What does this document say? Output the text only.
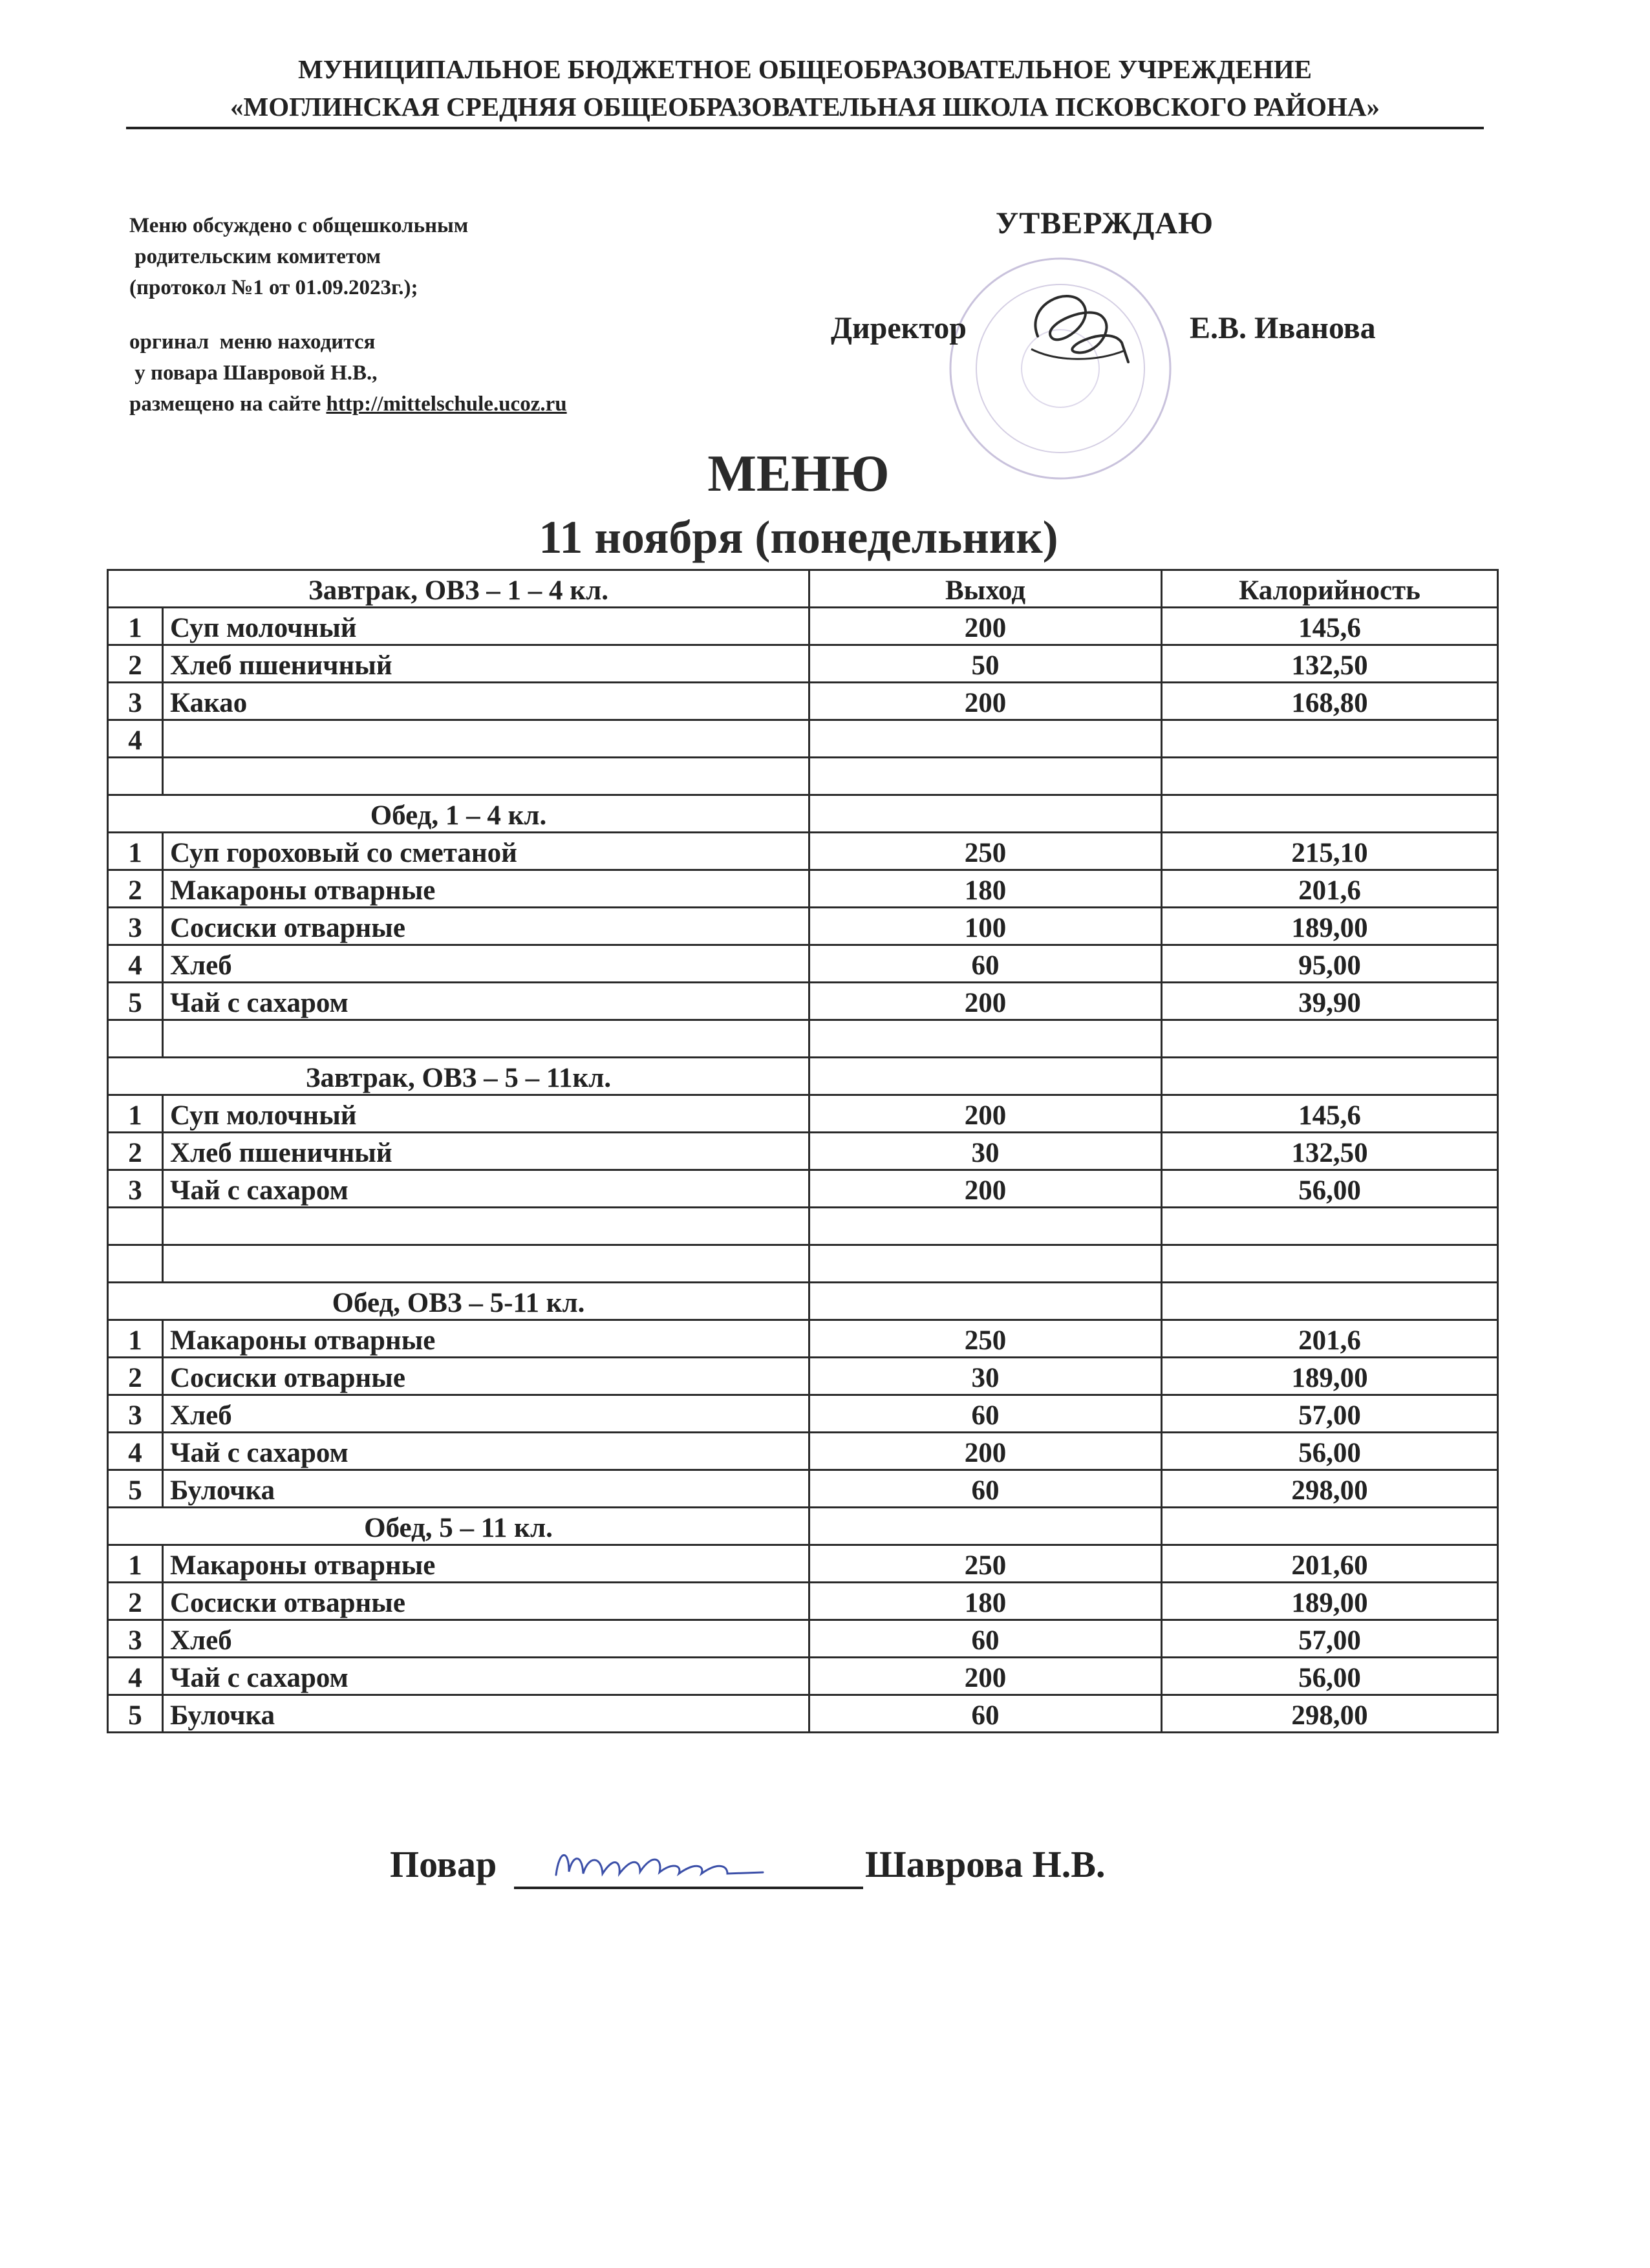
МУНИЦИПАЛЬНОЕ БЮДЖЕТНОЕ ОБЩЕОБРАЗОВАТЕЛЬНОЕ УЧРЕЖДЕНИЕ
«МОГЛИНСКАЯ СРЕДНЯЯ ОБЩЕОБРАЗОВАТЕЛЬНАЯ ШКОЛА ПСКОВСКОГО РАЙОНА»
Меню обсуждено с общешкольным
родительским комитетом
(протокол №1 от 01.09.2023г.);
оргинал  меню находится
у повара Шавровой Н.В.,
размещено на сайте http://mittelschule.ucoz.ru
УТВЕРЖДАЮ
Директор	Е.В. Иванова
МЕНЮ
11 ноября (понедельник)
Завтрак, ОВЗ – 1 – 4 кл.		Выход	Калорийность
1	Суп молочный	200	145,6
2	Хлеб пшеничный	50	132,50
3	Какао	200	168,80
4			

Обед, 1 – 4 кл.			
1	Суп гороховый со сметаной	250	215,10
2	Макароны отварные	180	201,6
3	Сосиски отварные	100	189,00
4	Хлеб	60	95,00
5	Чай с сахаром	200	39,90

Завтрак, ОВЗ – 5 – 11кл.			
1	Суп молочный	200	145,6
2	Хлеб пшеничный	30	132,50
3	Чай с сахаром	200	56,00

Обед, ОВЗ – 5-11 кл.			
1	Макароны отварные	250	201,6
2	Сосиски отварные	30	189,00
3	Хлеб	60	57,00
4	Чай с сахаром	200	56,00
5	Булочка	60	298,00
Обед, 5 – 11 кл.			
1	Макароны отварные	250	201,60
2	Сосиски отварные	180	189,00
3	Хлеб	60	57,00
4	Чай с сахаром	200	56,00
5	Булочка	60	298,00
Повар	Шаврова Н.В.
